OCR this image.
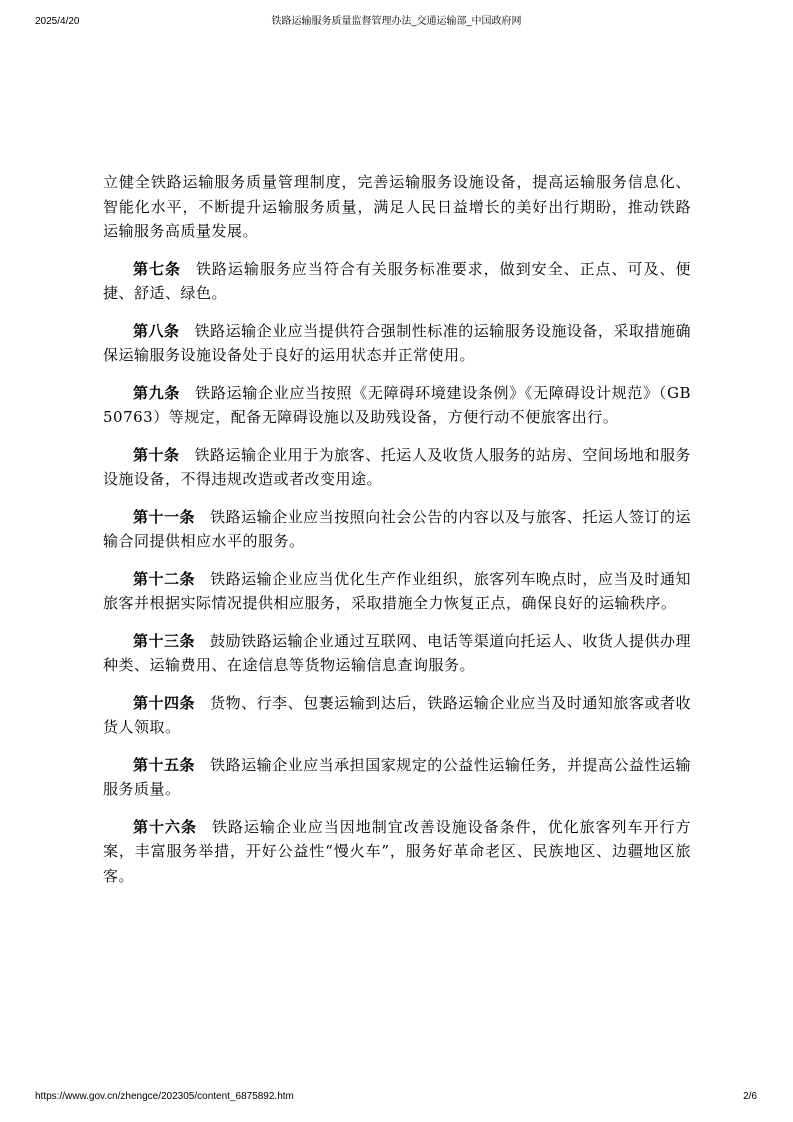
2025/4/20	铁路运输服务质量监督管理办法_交通运输部_中国政府网

立健全铁路运输服务质量管理制度，完善运输服务设施设备，提高运输服务信息化、智能化水平，不断提升运输服务质量，满足人民日益增长的美好出行期盼，推动铁路运输服务高质量发展。

第七条 铁路运输服务应当符合有关服务标准要求，做到安全、正点、可及、便捷、舒适、绿色。

第八条 铁路运输企业应当提供符合强制性标准的运输服务设施设备，采取措施确保运输服务设施设备处于良好的运用状态并正常使用。

第九条 铁路运输企业应当按照《无障碍环境建设条例》《无障碍设计规范》（GB 50763）等规定，配备无障碍设施以及助残设备，方便行动不便旅客出行。

第十条 铁路运输企业用于为旅客、托运人及收货人服务的站房、空间场地和服务设施设备，不得违规改造或者改变用途。

第十一条 铁路运输企业应当按照向社会公告的内容以及与旅客、托运人签订的运输合同提供相应水平的服务。

第十二条 铁路运输企业应当优化生产作业组织，旅客列车晚点时，应当及时通知旅客并根据实际情况提供相应服务，采取措施全力恢复正点，确保良好的运输秩序。

第十三条 鼓励铁路运输企业通过互联网、电话等渠道向托运人、收货人提供办理种类、运输费用、在途信息等货物运输信息查询服务。

第十四条 货物、行李、包裹运输到达后，铁路运输企业应当及时通知旅客或者收货人领取。

第十五条 铁路运输企业应当承担国家规定的公益性运输任务，并提高公益性运输服务质量。

第十六条 铁路运输企业应当因地制宜改善设施设备条件，优化旅客列车开行方案，丰富服务举措，开好公益性“慢火车”，服务好革命老区、民族地区、边疆地区旅客。

https://www.gov.cn/zhengce/202305/content_6875892.htm	2/6
